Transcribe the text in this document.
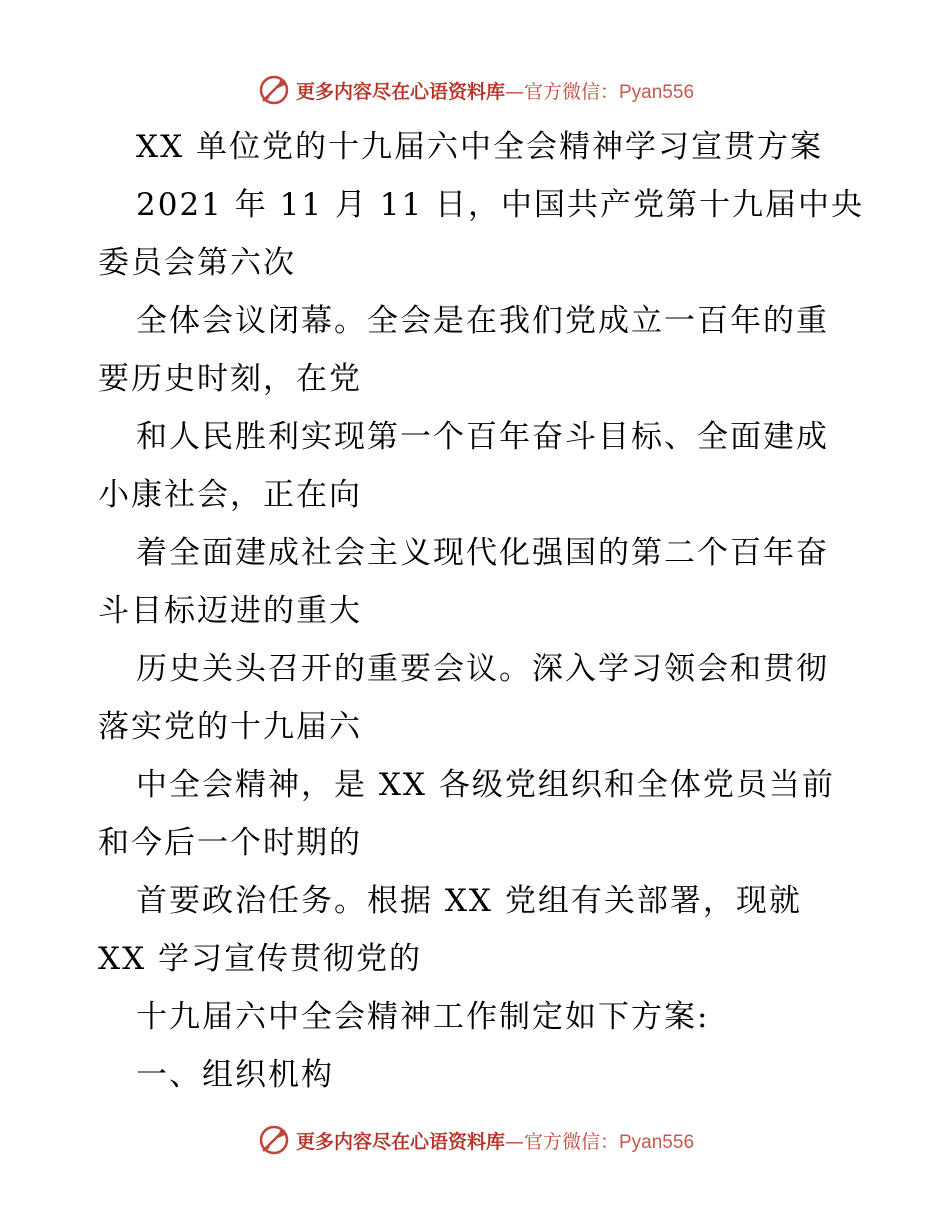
更多内容尽在心语资料库—官方微信：Pyan556
XX 单位党的十九届六中全会精神学习宣贯方案
2021 年 11 月 11 日，中国共产党第十九届中央
委员会第六次
全体会议闭幕。全会是在我们党成立一百年的重
要历史时刻，在党
和人民胜利实现第一个百年奋斗目标、全面建成
小康社会，正在向
着全面建成社会主义现代化强国的第二个百年奋
斗目标迈进的重大
历史关头召开的重要会议。深入学习领会和贯彻
落实党的十九届六
中全会精神，是 XX 各级党组织和全体党员当前
和今后一个时期的
首要政治任务。根据 XX 党组有关部署，现就
XX 学习宣传贯彻党的
十九届六中全会精神工作制定如下方案:
一、组织机构
更多内容尽在心语资料库—官方微信：Pyan556
